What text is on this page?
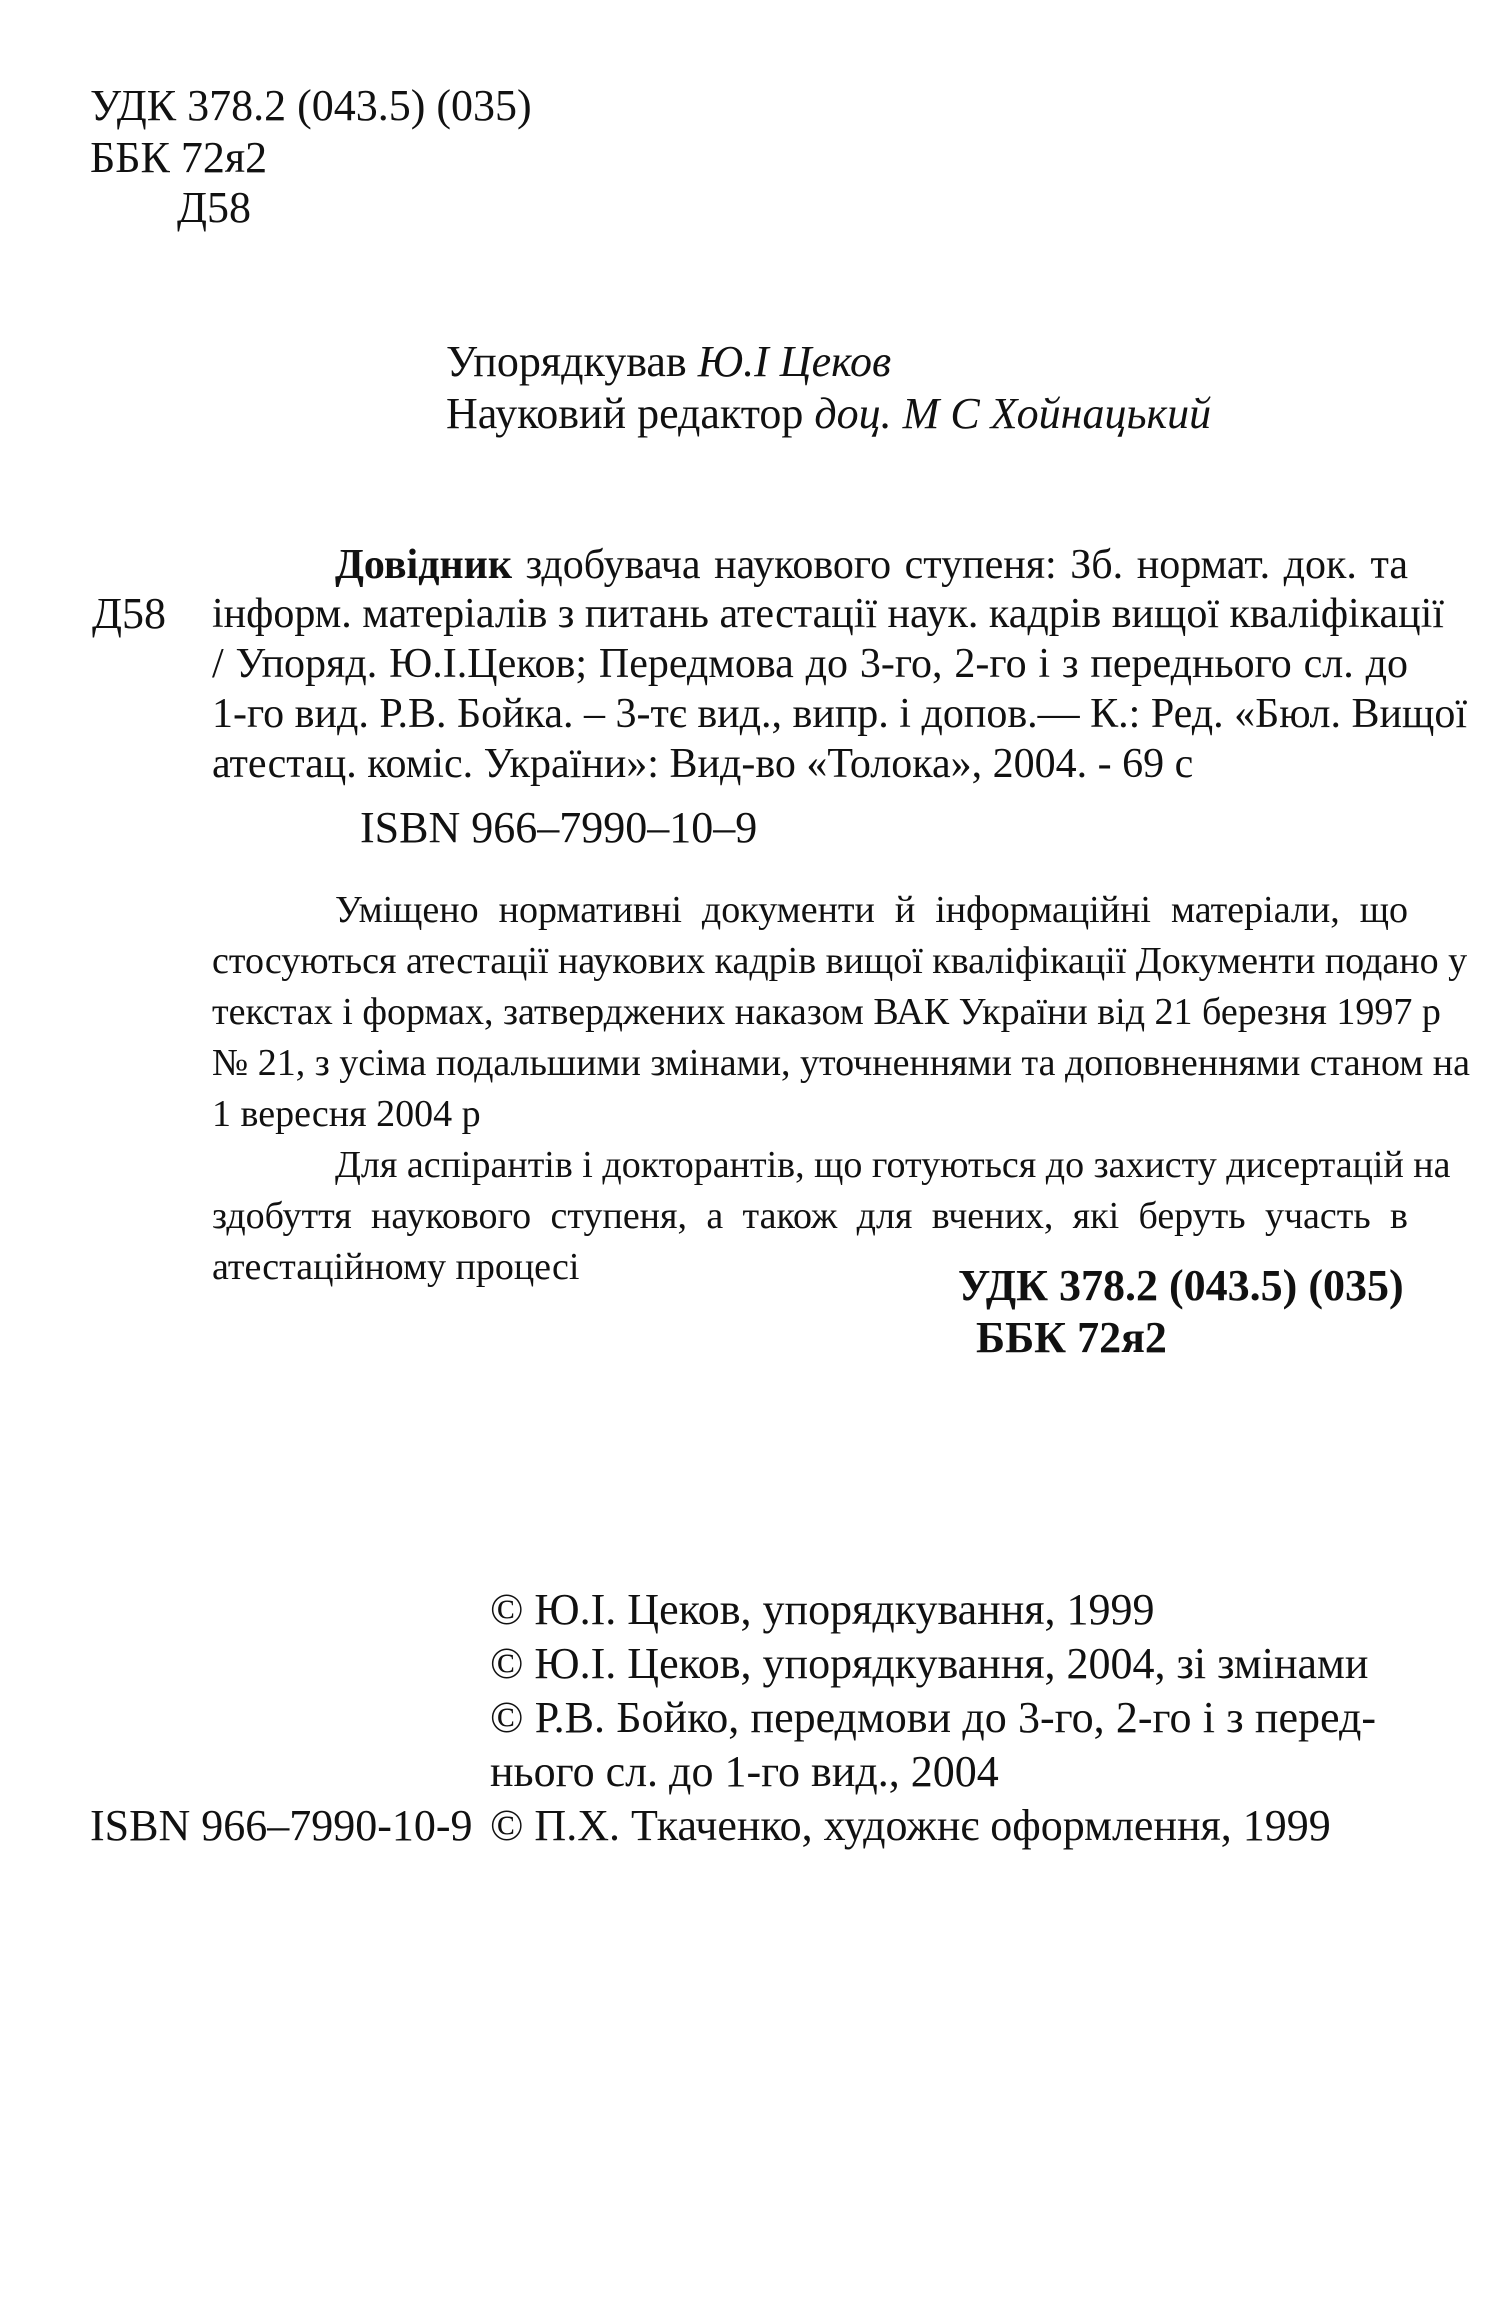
УДК 378.2 (043.5) (035)
ББК 72я2
Д58
Упорядкував Ю.І Цеков
Науковий редактор доц. М С Хойнацький
Д58
Довідник здобувача наукового ступеня: Зб. нормат. док. та
інформ. матеріалів з питань атестації наук. кадрів вищої кваліфікації
/ Упоряд. Ю.І.Цеков; Передмова до 3-го, 2-го і з переднього сл. до
1-го вид. Р.В. Бойка. – 3-тє вид., випр. і допов.— К.: Ред. «Бюл. Вищої
атестац. коміс. України»: Вид-во «Толока», 2004. - 69 с
ISBN 966–7990–10–9
Уміщено нормативні документи й інформаційні матеріали, що
стосуються атестації наукових кадрів вищої кваліфікації Документи подано у
текстах і формах, затверджених наказом ВАК України від 21 березня 1997 р
№ 21, з усіма подальшими змінами, уточненнями та доповненнями станом на
1 вересня 2004 р
Для аспірантів і докторантів, що готуються до захисту дисертацій на
здобуття наукового ступеня, а також для вчених, які беруть участь в
атестаційному процесі	УДК 378.2 (043.5) (035)
ББК 72я2
© Ю.І. Цеков, упорядкування, 1999
© Ю.І. Цеков, упорядкування, 2004, зі змінами
© Р.В. Бойко, передмови до 3-го, 2-го і з перед-
нього сл. до 1-го вид., 2004
ISBN 966–7990-10-9 © П.Х. Ткаченко, художнє оформлення, 1999
